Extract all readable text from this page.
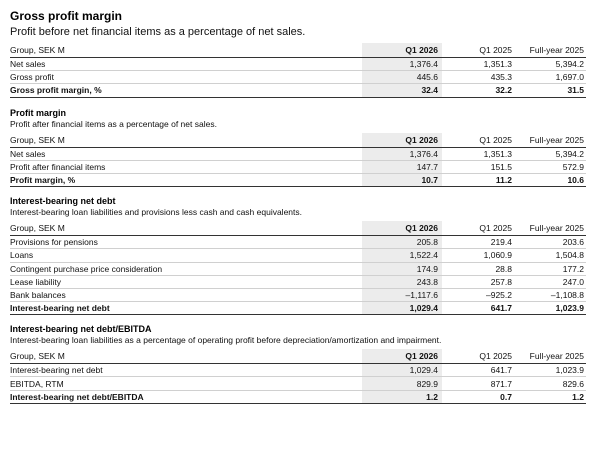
Gross profit margin
Profit before net financial items as a percentage of net sales.
Group, SEK M	Q1 2026	Q1 2025	Full-year 2025
Net sales	1,376.4	1,351.3	5,394.2
Gross profit	445.6	435.3	1,697.0
Gross profit margin, %	32.4	32.2	31.5
Profit margin
Profit after financial items as a percentage of net sales.
Group, SEK M	Q1 2026	Q1 2025	Full-year 2025
Net sales	1,376.4	1,351.3	5,394.2
Profit after financial items	147.7	151.5	572.9
Profit margin, %	10.7	11.2	10.6
Interest-bearing net debt
Interest-bearing loan liabilities and provisions less cash and cash equivalents.
Group, SEK M	Q1 2026	Q1 2025	Full-year 2025
Provisions for pensions	205.8	219.4	203.6
Loans	1,522.4	1,060.9	1,504.8
Contingent purchase price consideration	174.9	28.8	177.2
Lease liability	243.8	257.8	247.0
Bank balances	–1,117.6	–925.2	–1,108.8
Interest-bearing net debt	1,029.4	641.7	1,023.9
Interest-bearing net debt/EBITDA
Interest-bearing loan liabilities as a percentage of operating profit before depreciation/amortization and impairment.
Group, SEK M	Q1 2026	Q1 2025	Full-year 2025
Interest-bearing net debt	1,029.4	641.7	1,023.9
EBITDA, RTM	829.9	871.7	829.6
Interest-bearing net debt/EBITDA	1.2	0.7	1.2
